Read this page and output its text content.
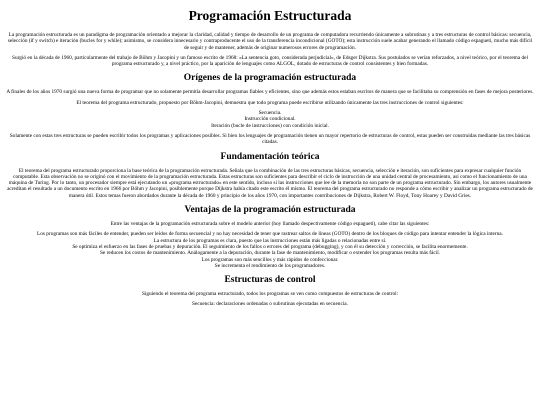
Programación Estructurada

La programación estructurada es un paradigma de programación orientado a mejorar la claridad, calidad y tiempo de desarrollo de un programa de computadora recurriendo únicamente a subrutinas y a tres estructuras de control básicas: secuencia, selección (if y switch) e iteración (bucles for y while); asimismo, se considera innecesario y contraproducente el uso de la transferencia incondicional (GOTO); esta instrucción suele acabar generando el llamado código espagueti, mucho más difícil de seguir y de mantener, además de originar numerosos errores de programación.

Surgió en la década de 1960, particularmente del trabajo de Böhm y Jacopini y un famoso escrito de 1968: «La sentencia goto, considerada perjudicial», de Edsger Dijkstra. Sus postulados se verían reforzados, a nivel teórico, por el teorema del programa estructurado y, a nivel práctico, por la aparición de lenguajes como ALGOL, dotado de estructuras de control consistentes y bien formadas.

Orígenes de la programación estructurada

A finales de los años 1970 surgió una nueva forma de programar que no solamente permitía desarrollar programas fiables y eficientes, sino que además estos estaban escritos de manera que se facilitaba su comprensión en fases de mejora posteriores.

El teorema del programa estructurado, propuesto por Böhm-Jacopini, demuestra que todo programa puede escribirse utilizando únicamente las tres instrucciones de control siguientes:

Secuencia.
Instrucción condicional.
Iteración (bucle de instrucciones) con condición inicial.

Solamente con estas tres estructuras se pueden escribir todos los programas y aplicaciones posibles. Si bien los lenguajes de programación tienen un mayor repertorio de estructuras de control, estas pueden ser construidas mediante las tres básicas citadas.

Fundamentación teórica

El teorema del programa estructurado proporciona la base teórica de la programación estructurada. Señala que la combinación de las tres estructuras básicas, secuencia, selección e iteración, son suficientes para expresar cualquier función computable. Esta observación no se originó con el movimiento de la programación estructurada. Estas estructuras son suficientes para describir el ciclo de instrucción de una unidad central de procesamiento, así como el funcionamiento de una máquina de Turing. Por lo tanto, un procesador siempre está ejecutando un «programa estructurado» en este sentido, incluso si las instrucciones que lee de la memoria no son parte de un programa estructurado. Sin embargo, los autores usualmente acreditan el resultado a un documento escrito en 1966 por Böhm y Jacopini, posiblemente porque Dijkstra había citado este escrito él mismo. El teorema del programa estructurado no responde a cómo escribir y analizar un programa estructurado de manera útil. Estos temas fueron abordados durante la década de 1960 y principio de los años 1970, con importantes contribuciones de Dijkstra, Robert W. Floyd, Tony Hoarey y David Gries.

Ventajas de la programación estructurada

Entre las ventajas de la programación estructurada sobre el modelo anterior (hoy llamado despectivamente código espagueti), cabe citar las siguientes:

Los programas son más fáciles de entender, pueden ser leídos de forma secuencial y no hay necesidad de tener que rastrear saltos de líneas (GOTO) dentro de los bloques de código para intentar entender la lógica interna.
La estructura de los programas es clara, puesto que las instrucciones están más ligadas o relacionadas entre sí.
Se optimiza el esfuerzo en las fases de pruebas y depuración. El seguimiento de los fallos o errores del programa (debugging), y con él su detección y corrección, se facilita enormemente.
Se reducen los costos de mantenimiento. Análogamente a la depuración, durante la fase de mantenimiento, modificar o extender los programas resulta más fácil.
Los programas son más sencillos y más rápidos de confeccionar.
Se incrementa el rendimiento de los programadores.
Estructuras de control

Siguiendo el teorema del programa estructurado, todos los programas se ven como compuestos de estructuras de control:

Secuencia: declaraciones ordenadas o subrutinas ejecutadas en secuencia.
